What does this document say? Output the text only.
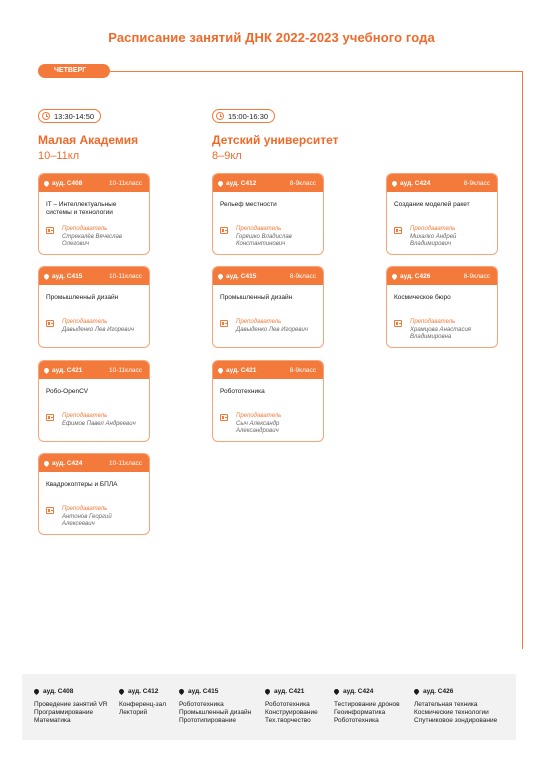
Расписание занятий ДНК 2022-2023 учебного года
ЧЕТВЕРГ
13:30-14:50
Малая Академия
10–11кл
15:00-16:30
Детский университет
8–9кл
ауд. С408	10-11класс
IT – Интеллектуальные системы и технологии
Преподаватель
Стрекалёв Вячеслав Олегович
ауд. С415	10-11класс
Промышленный дизайн
Преподаватель
Давыденко Лев Игоревич
ауд. С421	10-11класс
Робо-OpenCV
Преподаватель
Ефимов Павел Андреевич
ауд. С424	10-11класс
Квадрокоптеры и БПЛА
Преподаватель
Антонов Георгий Алексеевич
ауд. С412	8-9класс
Рельеф местности
Преподаватель
Горяшко Владислав Константинович
ауд. С415	8-9класс
Промышленный дизайн
Преподаватель
Давыденко Лев Игоревич
ауд. С421	8-9класс
Робототехника
Преподаватель
Сыч Александр Александрович
ауд. С424	8-9класс
Создание моделей ракет
Преподаватель
Михалко Андрей Владимирович
ауд. С426	8-9класс
Космическое бюро
Преподаватель
Храмцова Анастасия Владимировна
ауд. С408
Проведение занятий VR
Программирование
Математика
ауд. С412
Конференц-зал
Лекторий
ауд. С415
Робототехника
Промышленный дизайн
Прототипирование
ауд. С421
Робототехника
Конструирование
Тех.творчество
ауд. С424
Тестирование дронов
Геоинформатика
Робототехника
ауд. С426
Летательная техника
Космические технологии
Спутниковое зондирование
